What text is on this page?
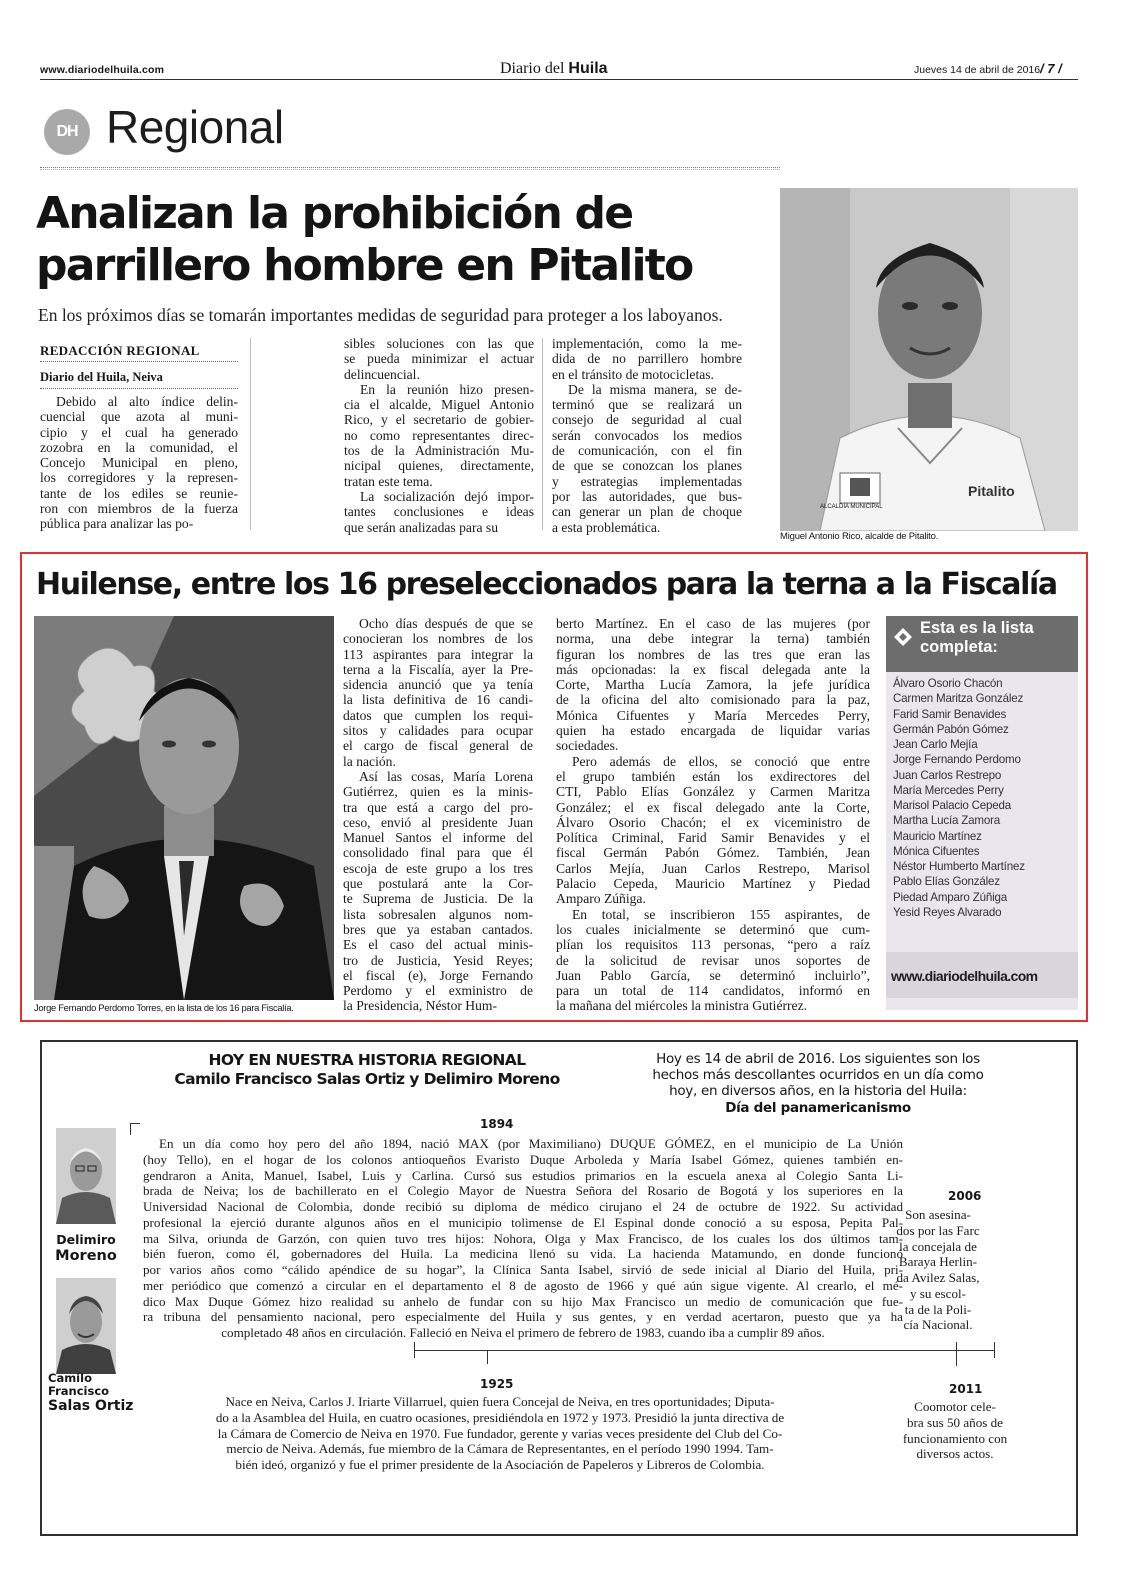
www.diariodelhuila.com	Diario del Huila	Jueves 14 de abril de 2016 / 7 /
DH Regional
Analizan la prohibición de
parrillero hombre en Pitalito
En los próximos días se tomarán importantes medidas de seguridad para proteger a los laboyanos.
REDACCIÓN REGIONAL
Diario del Huila, Neiva
Debido al alto índice delin-
cuencial que azota al muni-
cipio y el cual ha generado
zozobra en la comunidad, el
Concejo Municipal en pleno,
los corregidores y la represen-
tante de los ediles se reunie-
ron con miembros de la fuerza
pública para analizar las po-
sibles soluciones con las que
se pueda minimizar el actuar
delincuencial.
En la reunión hizo presen-
cia el alcalde, Miguel Antonio
Rico, y el secretario de gobier-
no como representantes direc-
tos de la Administración Mu-
nicipal quienes, directamente,
tratan este tema.
La socialización dejó impor-
tantes conclusiones e ideas
que serán analizadas para su
implementación, como la me-
dida de no parrillero hombre
en el tránsito de motocicletas.
De la misma manera, se de-
terminó que se realizará un
consejo de seguridad al cual
serán convocados los medios
de comunicación, con el fin
de que se conozcan los planes
y estrategias implementadas
por las autoridades, que bus-
can generar un plan de choque
a esta problemática.
ALCALDIA MUNICIPAL
Pitalito
Miguel Antonio Rico, alcalde de Pitalito.
Huilense, entre los 16 preseleccionados para la terna a la Fiscalía
Jorge Fernando Perdomo Torres, en la lista de los 16 para Fiscalía.
Ocho días después de que se
conocieran los nombres de los
113 aspirantes para integrar la
terna a la Fiscalía, ayer la Pre-
sidencia anunció que ya tenía
la lista definitiva de 16 candi-
datos que cumplen los requi-
sitos y calidades para ocupar
el cargo de fiscal general de
la nación.
Así las cosas, María Lorena
Gutiérrez, quien es la minis-
tra que está a cargo del pro-
ceso, envió al presidente Juan
Manuel Santos el informe del
consolidado final para que él
escoja de este grupo a los tres
que postulará ante la Cor-
te Suprema de Justicia. De la
lista sobresalen algunos nom-
bres que ya estaban cantados.
Es el caso del actual minis-
tro de Justicia, Yesid Reyes;
el fiscal (e), Jorge Fernando
Perdomo y el exministro de
la Presidencia, Néstor Hum-
berto Martínez. En el caso de las mujeres (por
norma, una debe integrar la terna) también
figuran los nombres de las tres que eran las
más opcionadas: la ex fiscal delegada ante la
Corte, Martha Lucía Zamora, la jefe jurídica
de la oficina del alto comisionado para la paz,
Mónica Cifuentes y María Mercedes Perry,
quien ha estado encargada de liquidar varias
sociedades.
Pero además de ellos, se conoció que entre
el grupo también están los exdirectores del
CTI, Pablo Elías González y Carmen Maritza
González; el ex fiscal delegado ante la Corte,
Álvaro Osorio Chacón; el ex viceministro de
Política Criminal, Farid Samir Benavides y el
fiscal Germán Pabón Gómez. También, Jean
Carlos Mejía, Juan Carlos Restrepo, Marisol
Palacio Cepeda, Mauricio Martínez y Piedad
Amparo Zúñiga.
En total, se inscribieron 155 aspirantes, de
los cuales inicialmente se determinó que cum-
plían los requisitos 113 personas, “pero a raíz
de la solicitud de revisar unos soportes de
Juan Pablo García, se determinó incluirlo”,
para un total de 114 candidatos, informó en
la mañana del miércoles la ministra Gutiérrez.
Esta es la lista completa:
Álvaro Osorio Chacón
Carmen Maritza González
Farid Samir Benavides
Germán Pabón Gómez
Jean Carlo Mejía
Jorge Fernando Perdomo
Juan Carlos Restrepo
María Mercedes Perry
Marisol Palacio Cepeda
Martha Lucía Zamora
Mauricio Martínez
Mónica Cifuentes
Néstor Humberto Martínez
Pablo Elías González
Piedad Amparo Zúñiga
Yesid Reyes Alvarado
www.diariodelhuila.com
HOY EN NUESTRA HISTORIA REGIONAL
Camilo Francisco Salas Ortiz y Delimiro Moreno
Hoy es 14 de abril de 2016. Los siguientes son los
hechos más descollantes ocurridos en un día como
hoy, en diversos años, en la historia del Huila:
Día del panamericanismo
Delimiro
Moreno
Camilo
Francisco
Salas Ortiz
1894
En un día como hoy pero del año 1894, nació MAX (por Maximiliano) DUQUE GÓMEZ, en el municipio de La Unión
(hoy Tello), en el hogar de los colonos antioqueños Evaristo Duque Arboleda y María Isabel Gómez, quienes también en-
gendraron a Anita, Manuel, Isabel, Luis y Carlina. Cursó sus estudios primarios en la escuela anexa al Colegio Santa Li-
brada de Neiva; los de bachillerato en el Colegio Mayor de Nuestra Señora del Rosario de Bogotá y los superiores en la
Universidad Nacional de Colombia, donde recibió su diploma de médico cirujano el 24 de octubre de 1922. Su actividad
profesional la ejerció durante algunos años en el municipio tolimense de El Espinal donde conoció a su esposa, Pepita Pal-
ma Silva, oriunda de Garzón, con quien tuvo tres hijos: Nohora, Olga y Max Francisco, de los cuales los dos últimos tam-
bién fueron, como él, gobernadores del Huila. La medicina llenó su vida. La hacienda Matamundo, en donde funcionó
por varios años como “cálido apéndice de su hogar”, la Clínica Santa Isabel, sirvió de sede inicial al Diario del Huila, pri-
mer periódico que comenzó a circular en el departamento el 8 de agosto de 1966 y qué aún sigue vigente. Al crearlo, el mé-
dico Max Duque Gómez hizo realidad su anhelo de fundar con su hijo Max Francisco un medio de comunicación que fue-
ra tribuna del pensamiento nacional, pero especialmente del Huila y sus gentes, y en verdad acertaron, puesto que ya ha
completado 48 años en circulación. Falleció en Neiva el primero de febrero de 1983, cuando iba a cumplir 89 años.
2006
Son asesina-
dos por las Farc
la concejala de
Baraya Herlin-
da Avilez Salas,
y su escol-
ta de la Poli-
cía Nacional.
1925
Nace en Neiva, Carlos J. Iriarte Villarruel, quien fuera Concejal de Neiva, en tres oportunidades; Diputa-
do a la Asamblea del Huila, en cuatro ocasiones, presidiéndola en 1972 y 1973. Presidió la junta directiva de
la Cámara de Comercio de Neiva en 1970. Fue fundador, gerente y varias veces presidente del Club del Co-
mercio de Neiva. Además, fue miembro de la Cámara de Representantes, en el período 1990 1994. Tam-
bién ideó, organizó y fue el primer presidente de la Asociación de Papeleros y Libreros de Colombia.
2011
Coomotor cele-
bra sus 50 años de
funcionamiento con
diversos actos.
